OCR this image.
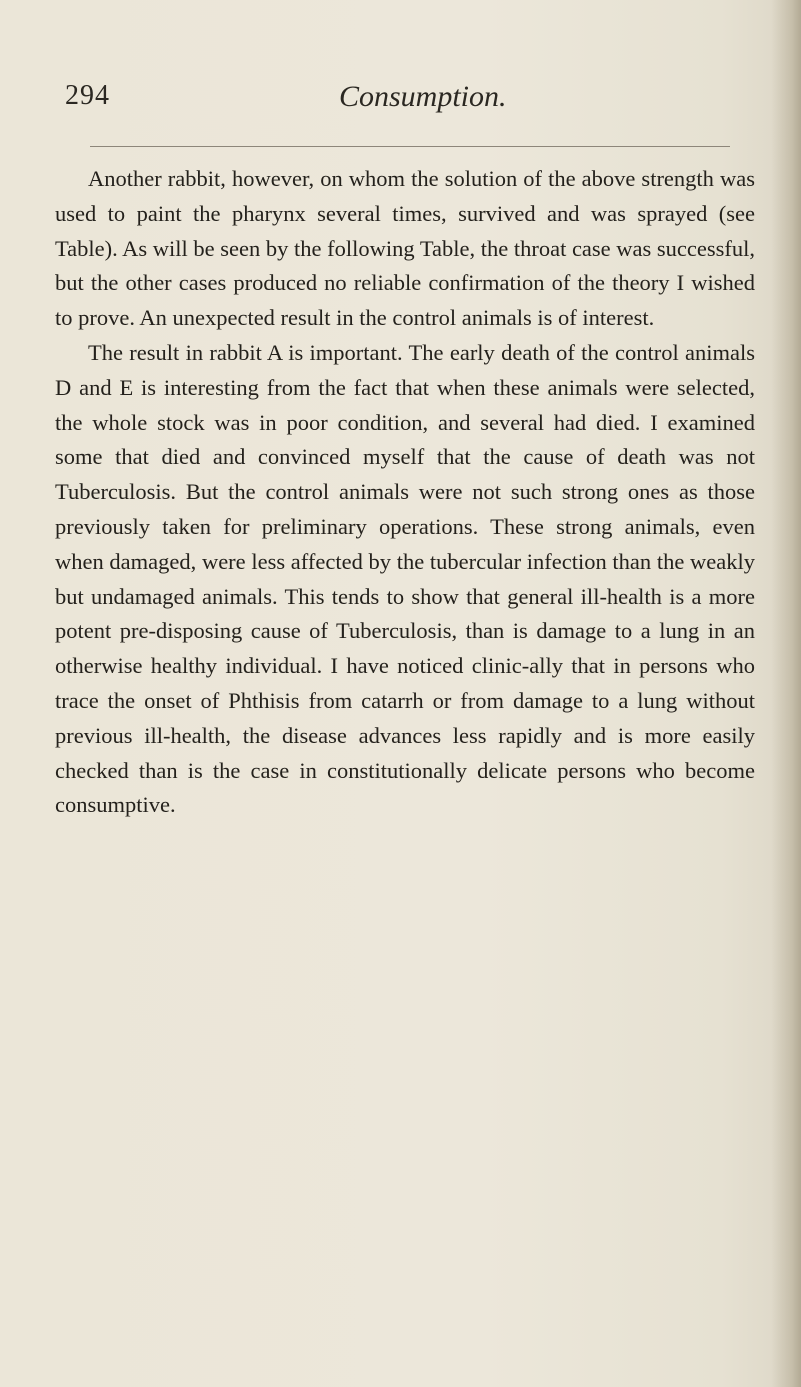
294	Consumption.

Another rabbit, however, on whom the solution of the above strength was used to paint the pharynx several times, survived and was sprayed (see Table). As will be seen by the following Table, the throat case was successful, but the other cases produced no reliable confirmation of the theory I wished to prove. An unexpected result in the control animals is of interest.

The result in rabbit A is important. The early death of the control animals D and E is interesting from the fact that when these animals were selected, the whole stock was in poor condition, and several had died. I examined some that died and convinced myself that the cause of death was not Tuberculosis. But the control animals were not such strong ones as those previously taken for preliminary operations. These strong animals, even when damaged, were less affected by the tubercular infection than the weakly but undamaged animals. This tends to show that general ill-health is a more potent pre-disposing cause of Tuberculosis, than is damage to a lung in an otherwise healthy individual. I have noticed clinic-ally that in persons who trace the onset of Phthisis from catarrh or from damage to a lung without previous ill-health, the disease advances less rapidly and is more easily checked than is the case in constitutionally delicate persons who become consumptive.
